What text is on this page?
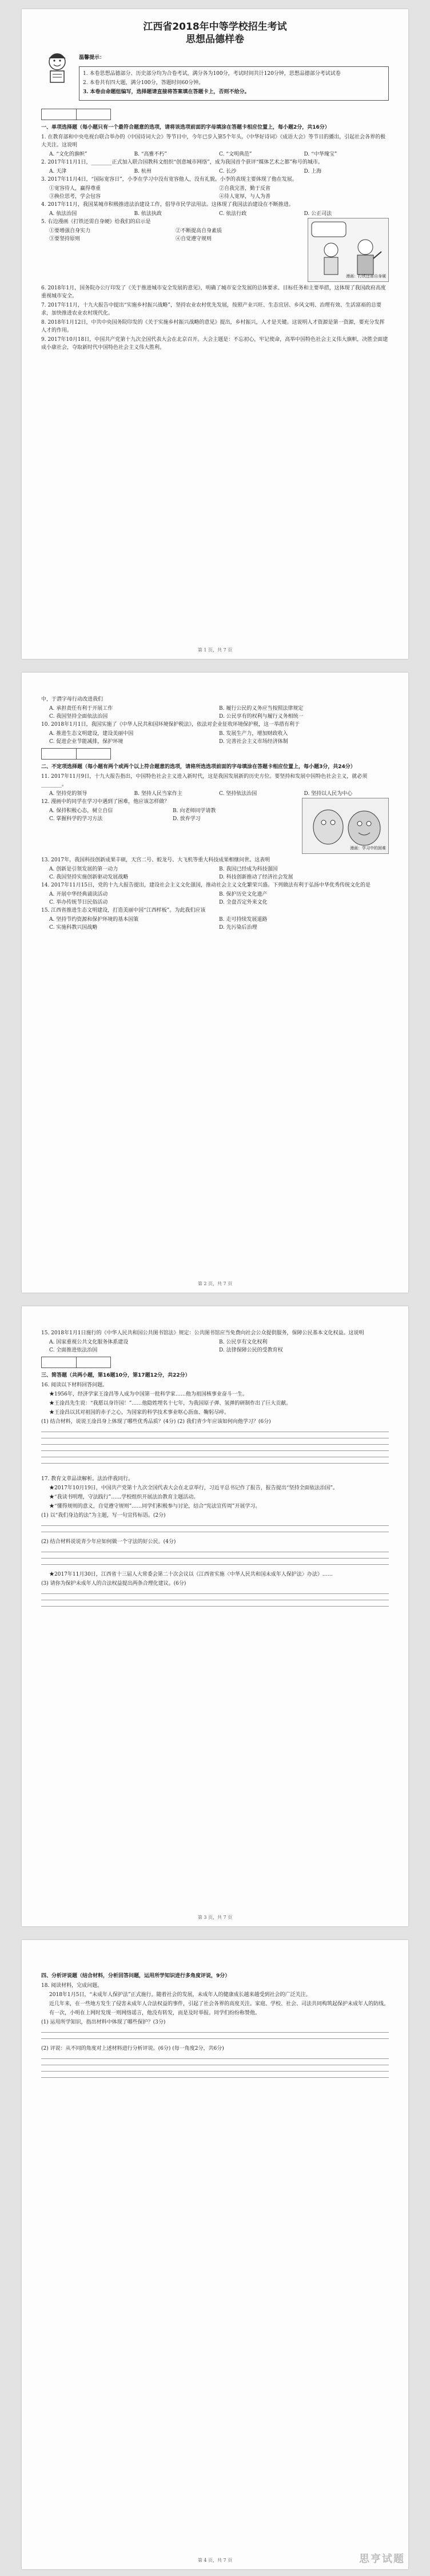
江西省2018年中等学校招生考试
思想品德样卷
温馨提示：
1. 本卷思想品德部分、历史部分均为合卷考试，满分各为100分，考试时间共计120分钟，思想品德部分考试试卷
2. 本卷共有四大题，满分100分，答题时间60分钟。
3. 本卷由命题组编写，选择题请直接将答案填在答题卡上，否则不给分。
一、单项选择题（每小题只有一个最符合题意的选项，请将该选项前面的字母填涂在答题卡相应位置上，每小题2分，共16分）
1. 在教育部和中央电视台联合举办的《中国诗词大会》等节目中，今年已步入第5个年头。《中华好诗词》《成语大会》等节目的播出，引起社会各界的极大关注。这说明
A. “文化的旗帜”	B. “高雅不朽”	C. “文明典范”	D. “中华瑰宝”
2. 2017年11月1日，________正式加入联合国教科文组织“创意城市网络”，成为我国首个获评“媒体艺术之都”称号的城市。
A. 天津	B. 杭州	C. 长沙	D. 上海
3. 2017年11月4日，“国际宽容日”，小李在学习中没有宽容他人，没有礼貌。小李的表现主要体现了他在发展。
①宽容待人，赢得尊重	②自我完善，勤于反省
③换位思考，学会包容	④待人宽厚，与人为善
4. 2017年11月，我国某城市积极推进法治建设工作，倡导市民学法用法。这体现了我国法治建设在不断推进。
A. 依法治国	B. 依法执政	C. 依法行政	D. 公正司法
5. 右边漫画《打铁还需自身硬》给我们的启示是
①要增强自身实力	②不断提高自身素质
③要坚持原则	④自觉遵守规则
漫画：打铁还需自身硬
6. 2018年1月，国务院办公厅印发了《关于推进城市安全发展的意见》，明确了城市安全发展的总体要求、目标任务和主要举措，这体现了我国政府高度重视城市安全。
7. 2017年11月，十九大报告中提出“实施乡村振兴战略”，坚持农业农村优先发展，按照产业兴旺、生态宜居、乡风文明、治理有效、生活富裕的总要求，加快推进农业农村现代化。
8. 2018年1月12日，中共中央国务院印发的《关于实施乡村振兴战略的意见》提出，乡村振兴，人才是关键。这说明人才资源是第一资源，要充分发挥人才的作用。
9. 2017年10月18日，中国共产党第十九次全国代表大会在北京召开。大会主题是：不忘初心，牢记使命，高举中国特色社会主义伟大旗帜，决胜全面建成小康社会，夺取新时代中国特色社会主义伟大胜利。
第 1 页，共 7 页
中，于潜字母行动改进我们
A. 承担责任有利于开展工作	B. 履行公民的义务应当按照法律规定
C. 我国坚持全面依法治国	D. 公民享有的权利与履行义务相统一
10. 2018年1月1日，我国实施了《中华人民共和国环境保护税法》，依法对企业征收环境保护税，这一举措有利于
A. 推进生态文明建设，建设美丽中国	B. 发展生产力，增加财政收入
C. 促进企业节能减排，保护环境	D. 完善社会主义市场经济体制
二、不定项选择题（每小题有两个或两个以上符合题意的选项，请将所选选项前面的字母填涂在答题卡相应位置上，每小题3分，共24分）
11. 2017年11月9日，十九大报告指出，中国特色社会主义进入新时代，这是我国发展新的历史方位。要坚持和发展中国特色社会主义，就必须________。
A. 坚持党的领导	B. 坚持人民当家作主	C. 坚持依法治国	D. 坚持以人民为中心
12. 漫画中的同学在学习中遇到了困难，他应该怎样做？
A. 保持积极心态，树立自信	B. 向老师同学请教
C. 掌握科学的学习方法	D. 放弃学习
漫画：学习中的困难
13. 2017年，我国科技创新成果丰硕，天宫二号、蛟龙号、大飞机等重大科技成果相继问世。这表明
A. 创新是引领发展的第一动力	B. 我国已经成为科技强国
C. 我国坚持实施创新驱动发展战略	D. 科技创新推动了经济社会发展
14. 2017年11月15日，党的十九大报告提出，建设社会主义文化强国，推动社会主义文化繁荣兴盛。下列做法有利于弘扬中华优秀传统文化的是
A. 开展中华经典诵读活动	B. 保护历史文化遗产
C. 举办传统节日民俗活动	D. 全盘否定外来文化
15. 江西省推进生态文明建设，打造美丽中国“江西样板”。为此我们应该
A. 坚持节约资源和保护环境的基本国策	B. 走可持续发展道路
C. 实施科教兴国战略	D. 先污染后治理
第 2 页，共 7 页
15. 2018年1月1日施行的《中华人民共和国公共图书馆法》规定：公共图书馆应当免费向社会公众提供服务，保障公民基本文化权益。这说明
A. 国家重视公共文化服务体系建设	B. 公民享有文化权利
C. 全面推进依法治国	D. 法律保障公民的受教育权
三、简答题（共两小题，第16题10分，第17题12分，共22分）
16. 阅读以下材料回答问题。
★1956年，经济学家王淦昌等人成为中国第一批科学家……他为祖国核事业奋斗一生。
★王淦昌先生说：“我愿以身许国！”……他隐姓埋名十七年，为我国原子弹、氢弹的研制作出了巨大贡献。
★王淦昌以其对祖国的赤子之心，为国家的科学技术事业呕心沥血、鞠躬尽瘁。
(1) 结合材料，说说王淦昌身上体现了哪些优秀品质？(4分) (2) 我们青少年应该如何向他学习？(6分)
17. 教育文章品读解析。法治伴我同行。
★2017年10月19日，中国共产党第十九次全国代表大会在北京举行，习近平总书记作了报告，报告提出“坚持全面依法治国”。
★“我读书明理，守法践行”……学校组织开展法治教育主题活动。
★“懂得规则的意义，自觉遵守规则”……同学们积极参与讨论，结合“宪法宣传周”开展学习。
(1) 以“我们身边的法”为主题，写一句宣传标语。(2分)
(2) 结合材料说说青少年应如何做一个守法的好公民。(4分)
★2017年11月30日，江西省十三届人大常委会第二十次会议以《江西省实施〈中华人民共和国未成年人保护法〉办法》……
(3) 请你为保护未成年人的合法权益提出两条合理化建议。(6分)
第 3 页，共 7 页
四、分析评说题（结合材料，分析回答问题，运用所学知识进行多角度评说，9分）
18. 阅读材料，完成问题。
2018年1月5日，“未成年人保护法”正式施行。随着社会的发展，未成年人的健康成长越来越受到社会的广泛关注。
近几年来，在一些地方发生了侵害未成年人合法权益的事件，引起了社会各界的高度关注。家庭、学校、社会、司法共同构筑起保护未成年人的防线。
有一次，小明在上网时发现一则网络谣言，他没有转发，而是及时举报。同学们纷纷称赞他。
(1) 运用所学知识，指出材料中体现了哪些保护？(3分)
(2) 评说：从不同的角度对上述材料进行分析评说。(6分) (每一角度2分，共6分)
第 4 页，共 7 页	思亨试题
